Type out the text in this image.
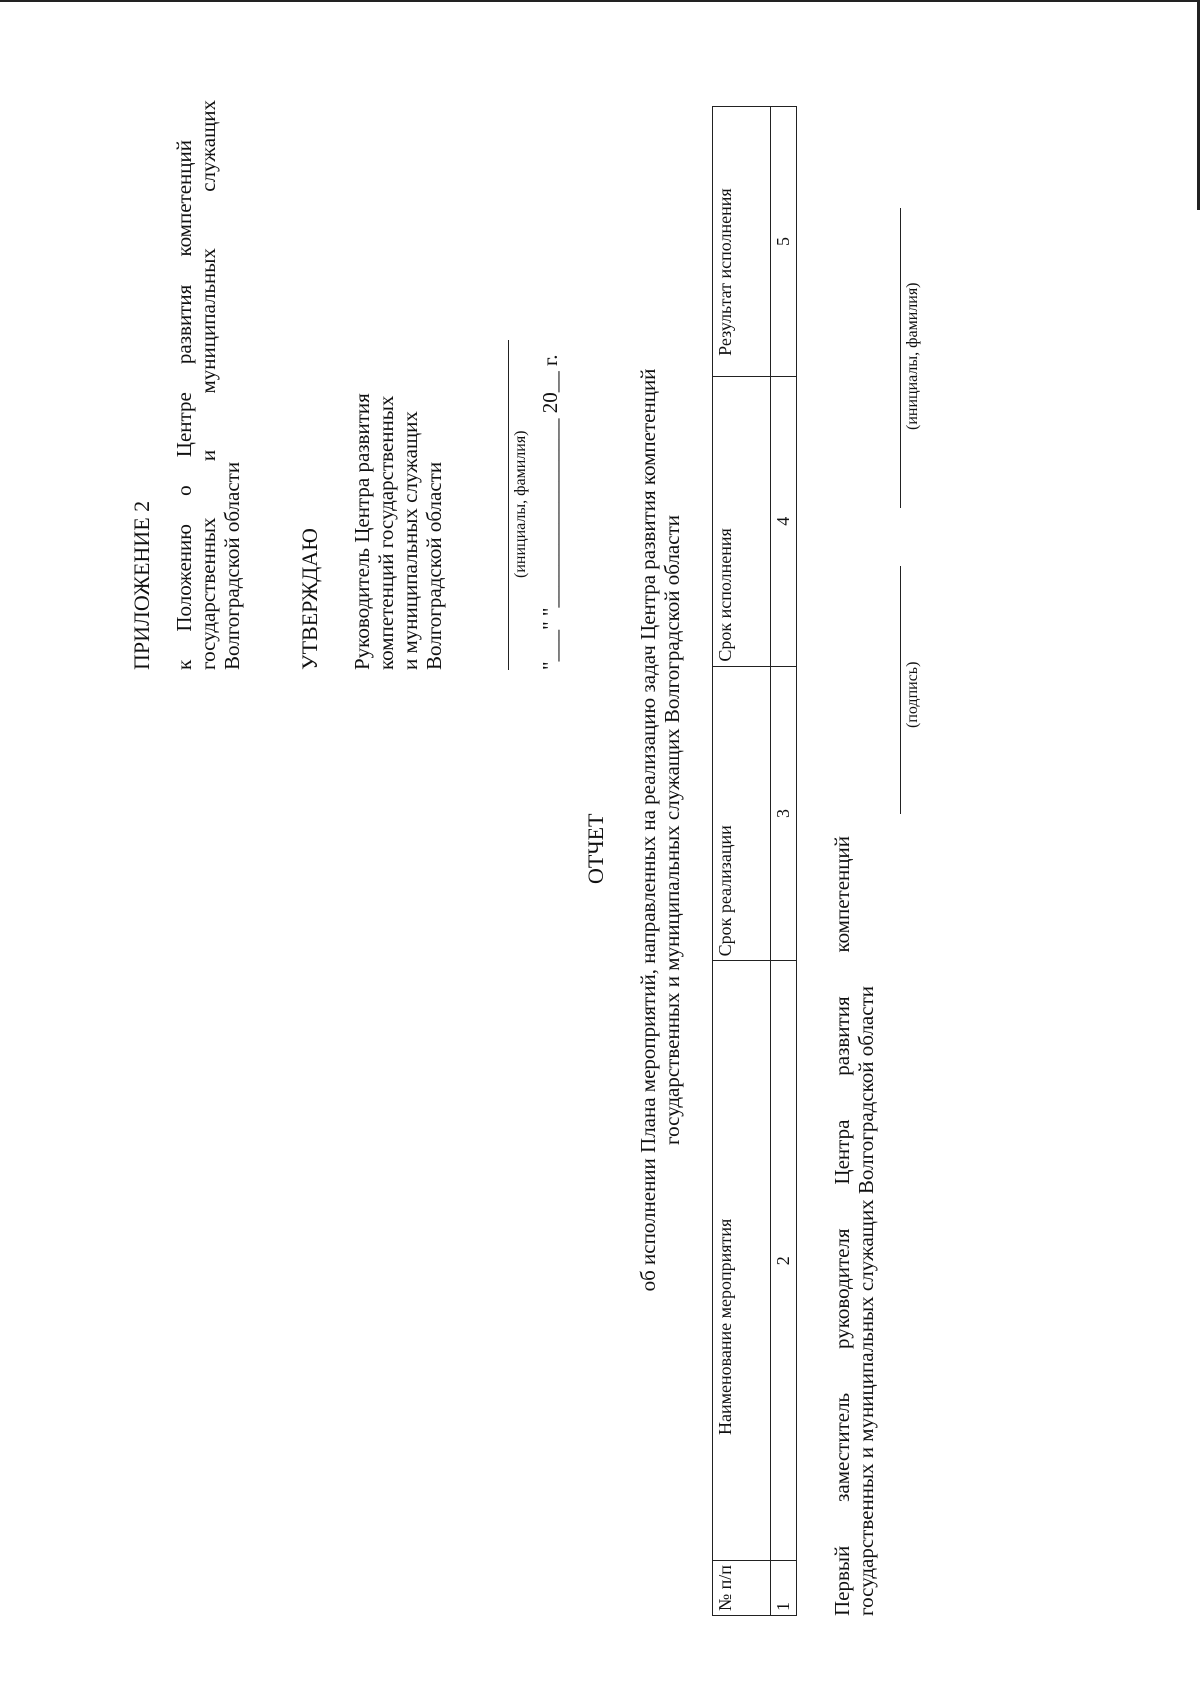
ПРИЛОЖЕНИЕ 2 к Положению о Центре развития компетенций государственных и муниципальных служащих Волгоградской области УТВЕРЖДАЮ Руководитель Центра развития компетенций государственных и муниципальных служащих Волгоградской области	(инициалы, фамилия) "___" "__________________ 20__ г.
ОТЧЕТ об исполнении Плана мероприятий, направленных на реализацию задач Центра развития компетенций государственных и муниципальных служащих Волгоградской области
№ п/п	Наименование мероприятия	Срок реализации	Срок исполнения	Результат исполнения
1	2	3	4	5
Первый заместитель руководителя Центра развития компетенций государственных и муниципальных служащих Волгоградской области
(подпись)
(инициалы, фамилия)
